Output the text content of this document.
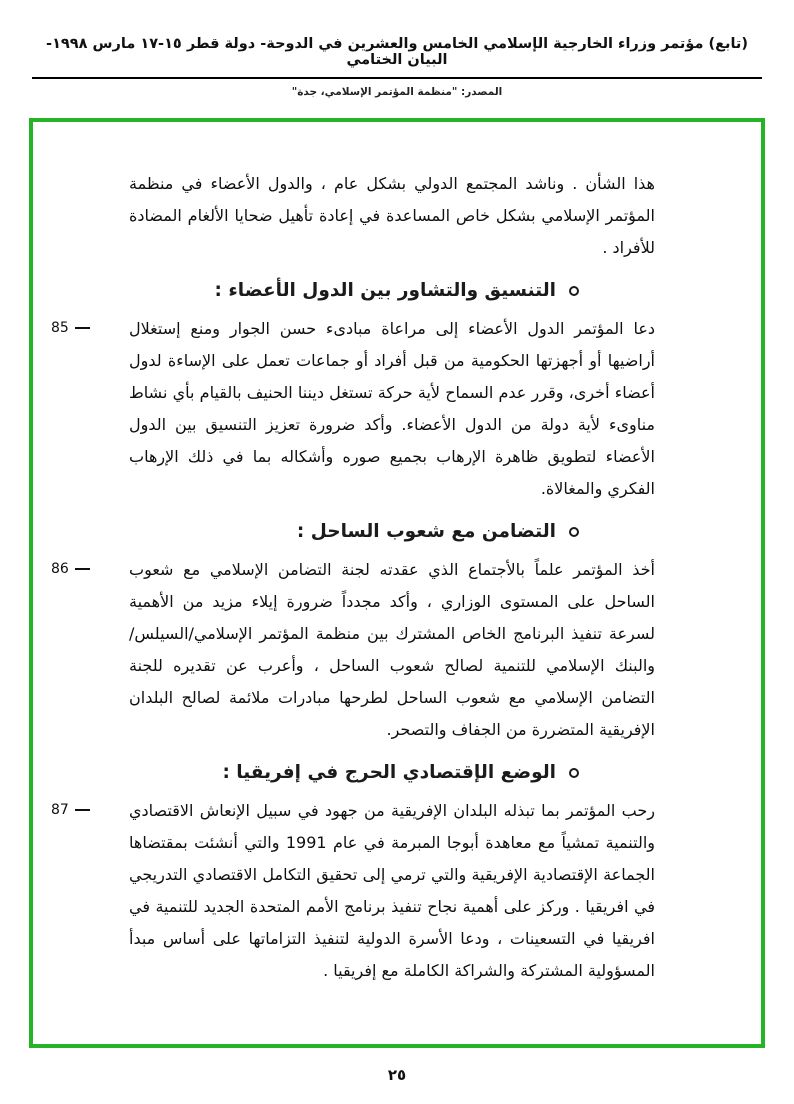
(تابع) مؤتمر وزراء الخارجية الإسلامي الخامس والعشرين في الدوحة- دولة قطر ١٥-١٧ مارس ١٩٩٨- البيان الختامي
المصدر: "منظمة المؤتمر الإسلامي، جدة"

هذا الشأن . وناشد المجتمع الدولي بشكل عام ، والدول الأعضاء في منظمة المؤتمر الإسلامي بشكل خاص المساعدة في إعادة تأهيل ضحايا الألغام المضادة للأفراد .

التنسيق والتشاور بين الدول الأعضاء :
85	دعا المؤتمر الدول الأعضاء إلى مراعاة مبادىء حسن الجوار ومنع إستغلال أراضيها أو أجهزتها الحكومية من قبل أفراد أو جماعات تعمل على الإساءة لدول أعضاء أخرى، وقرر عدم السماح لأية حركة تستغل ديننا الحنيف بالقيام بأي نشاط مناوىء لأية دولة من الدول الأعضاء. وأكد ضرورة تعزيز التنسيق بين الدول الأعضاء لتطويق ظاهرة الإرهاب بجميع صوره وأشكاله بما في ذلك الإرهاب الفكري والمغالاة.

التضامن مع شعوب الساحل :
86	أخذ المؤتمر علماً بالأجتماع الذي عقدته لجنة التضامن الإسلامي مع شعوب الساحل على المستوى الوزاري ، وأكد مجدداً ضرورة إيلاء مزيد من الأهمية لسرعة تنفيذ البرنامج الخاص المشترك بين منظمة المؤتمر الإسلامي/السيلس/ والبنك الإسلامي للتنمية لصالح شعوب الساحل ، وأعرب عن تقديره للجنة التضامن الإسلامي مع شعوب الساحل لطرحها مبادرات ملائمة لصالح البلدان الإفريقية المتضررة من الجفاف والتصحر.

الوضع الإقتصادي الحرج في إفريقيا :
87	رحب المؤتمر بما تبذله البلدان الإفريقية من جهود في سبيل الإنعاش الاقتصادي والتنمية تمشياً مع معاهدة أبوجا المبرمة في عام 1991 والتي أنشئت بمقتضاها الجماعة الإقتصادية الإفريقية والتي ترمي إلى تحقيق التكامل الاقتصادي التدريجي في افريقيا . وركز على أهمية نجاح تنفيذ برنامج الأمم المتحدة الجديد للتنمية في افريقيا في التسعينات ، ودعا الأسرة الدولية لتنفيذ التزاماتها على أساس مبدأ المسؤولية المشتركة والشراكة الكاملة مع إفريقيا .

٢٥
